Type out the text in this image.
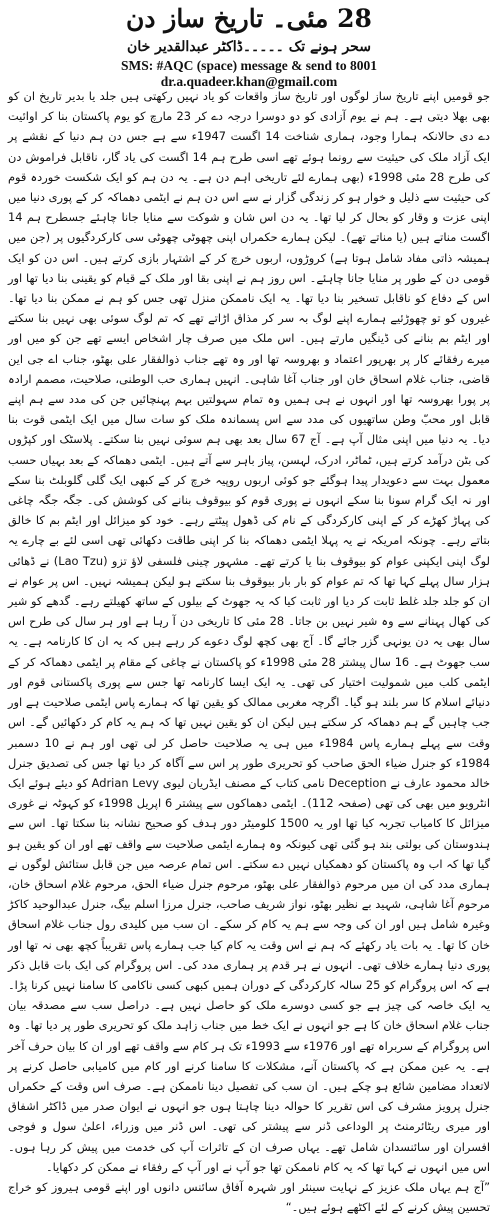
28 مئی۔ تاریخ ساز دن
سحر ہونے تک ۔۔۔۔۔ڈاکٹر عبدالقدیر خان
SMS: #AQC (space) message & send to 8001
dr.a.quadeer.khan@gmail.com

جو قومیں اپنے تاریخ ساز لوگوں اور تاریخ ساز واقعات کو یاد نہیں رکھتی ہیں جلد یا بدیر تاریخ ان کو بھی بھلا دیتی ہے۔ ہم نے یوم آزادی کو دو دوسرا درجہ دے کر 23 مارچ کو یوم پاکستان بنا کر اوائیت دے دی حالانکہ ہمارا وجود، ہماری شناخت 14 اگست 1947ء سے ہے جس دن ہم دنیا کے نقشے پر ایک آزاد ملک کی حیثیت سے رونما ہوئے تھے اسی طرح ہم 14 اگست کی یاد گار، ناقابل فراموش دن کی طرح 28 مئی 1998ء (بھی ہمارے لئے تاریخی اہم دن ہے۔ یہ دن ہم کو ایک شکست خوردہ قوم کی حیثیت سے ذلیل و خوار ہو کر زندگی گزار نے سے اس دن ہم نے ایٹمی دھماکہ کر کے پوری دنیا میں اپنی عزت و وقار کو بحال کر لیا تھا۔ یہ دن اس شان و شوکت سے منایا جانا چاہئے جسطرح ہم 14 اگست مناتے ہیں (یا مناتے تھے)۔ لیکن ہمارے حکمراں اپنی چھوٹی چھوٹی سی کارکردگیوں پر (جن میں ہمیشہ ذاتی مفاد شامل ہوتا ہے) کروڑوں، اربوں خرچ کر کے اشتہار بازی کرتے ہیں۔ اس دن کو ایک قومی دن کے طور پر منایا جانا چاہئے۔ اس روز ہم نے اپنی بقا اور ملک کے قیام کو یقینی بنا دیا تھا اور اس کے دفاع کو ناقابل تسخیر بنا دیا تھا۔ یہ ایک ناممکن منزل تھی جس کو ہم نے ممکن بنا دیا تھا۔ غیروں کو تو چھوڑئیے ہمارے اپنے لوگ بہ سر کر مذاق اڑاتے تھے کہ تم لوگ سوئی بھی نہیں بنا سکتے اور ایٹم بم بنانے کی ڈینگیں مارتے ہیں۔ اس ملک میں صرف چار اشخاص ایسے تھے جن کو میں اور میرے رفقائے کار پر بھرپور اعتماد و بھروسہ تھا اور وہ تھے جناب ذوالفقار علی بھٹو، جناب اے جی این قاضی، جناب غلام اسحاق خان اور جناب آغا شاہی۔ انہیں ہماری حب الوطنی، صلاحیت، مصمم ارادہ پر پورا بھروسہ تھا اور انہوں نے ہی ہمیں وہ تمام سہولتیں بہم پہنچائیں جن کی مدد سے ہم اپنے قابل اور محبّ وطن ساتھیوں کی مدد سے اس پسماندہ ملک کو سات سال میں ایک ایٹمی قوت بنا دیا۔ یہ دنیا میں اپنی مثال آپ ہے۔ آج 67 سال بعد بھی ہم سوئی نہیں بنا سکتے۔ پلاسٹک اور کپڑوں کی بٹن درآمد کرتے ہیں، ٹماٹر، ادرک، لہسن، پیاز باہر سے آتے ہیں۔ ایٹمی دھماکہ کے بعد بہیاں حسب معمول بہت سے دعویدار پیدا ہوگئے جو کوئی اربوں روپیہ خرچ کر کے کبھی ایک گلی گلوبلٹ بنا سکے اور نہ ایک گرام سونا بنا سکے انہوں نے پوری قوم کو بیوقوف بنانے کی کوشش کی۔ جگہ جگہ چاغی کی پہاڑ کھڑے کر کے اپنی کارکردگی کے نام کی ڈھول پیٹتے رہے۔ خود کو میزائل اور ایٹم بم کا خالق بتاتے رہے۔ چونکہ امریکہ نے یہ پہلا ایٹمی دھماکہ بنا کر اپنی طاقت دکھائی تھی اسی لئے بے چارے یہ لوگ اپنی ایکپنی عوام کو بیوقوف بنا یا کرتے تھے۔ مشہور چینی فلسفی لاؤ تزو (Lao Tzu) نے ڈھائی ہزار سال پہلے کہا تھا کہ تم عوام کو بار بار بیوقوف بنا سکتے ہو لیکن ہمیشہ نہیں۔ اس پر عوام نے ان کو جلد جلد غلط ثابت کر دیا اور ثابت کیا کہ یہ جھوٹ کے بیلوں کے ساتھ کھیلتے رہے۔ گدھے کو شیر کی کھال پہنانے سے وہ شیر نہیں بن جاتا۔ 28 مئی کا تاریخی دن آ رہا ہے اور ہر سال کی طرح اس سال بھی یہ دن یونہی گزر جائے گا۔ آج بھی کچھ لوگ دعوے کر رہے ہیں کہ یہ ان کا کارنامہ ہے۔ یہ سب جھوٹ ہے۔ 16 سال پیشتر 28 مئی 1998ء کو پاکستان نے چاغی کے مقام پر ایٹمی دھماکہ کر کے ایٹمی کلب میں شمولیت اختیار کی تھی۔ یہ ایک ایسا کارنامہ تھا جس سے پوری پاکستانی قوم اور دنیائے اسلام کا سر بلند ہو گیا۔ اگرچہ مغربی ممالک کو یقین تھا کہ ہمارے پاس ایٹمی صلاحیت ہے اور جب چاہیں گے ہم دھماکہ کر سکتے ہیں لیکن ان کو یقین نہیں تھا کہ ہم یہ کام کر دکھائیں گے۔ اس وقت سے پہلے ہمارے پاس 1984ء میں ہی یہ صلاحیت حاصل کر لی تھی اور ہم نے 10 دسمبر 1984ء کو جنرل ضیاء الحق صاحب کو تحریری طور پر اس سے آگاہ کر دیا تھا جس کی تصدیق جنرل خالد محمود عارف نے Deception نامی کتاب کے مصنف ایڈریان لیوی Adrian Levy کو دیئے ہوئے ایک انٹرویو میں بھی کی تھی (صفحہ 112)۔ ایٹمی دھماکوں سے پیشتر 6 اپریل 1998ء کو کہوٹہ نے غوری میزائل کا کامیاب تجربہ کیا تھا اور یہ 1500 کلومیٹر دور ہدف کو صحیح نشانہ بنا سکتا تھا۔ اس سے ہندوستان کی بولتی بند ہو گئی تھی کیونکہ وہ ہمارے ایٹمی صلاحیت سے واقف تھے اور ان کو یقین ہو گیا تھا کہ اب وہ پاکستان کو دھمکیاں نہیں دے سکتے۔ اس تمام عرصہ میں جن قابل ستائش لوگوں نے ہماری مدد کی ان میں مرحوم ذوالفقار علی بھٹو، مرحوم جنرل ضیاء الحق، مرحوم غلام اسحاق خان، مرحوم آغا شاہی، شہید بے نظیر بھٹو، نواز شریف صاحب، جنرل مرزا اسلم بیگ، جنرل عبدالوحید کاکڑ وغیرہ شامل ہیں اور ان کی وجہ سے ہم یہ کام کر سکے۔ ان سب میں کلیدی رول جناب غلام اسحاق خان کا تھا۔ یہ بات یاد رکھئے کہ ہم نے اس وقت یہ کام کیا جب ہمارے پاس تقریباً کچھ بھی نہ تھا اور پوری دنیا ہمارے خلاف تھی۔ انہوں نے ہر قدم پر ہماری مدد کی۔ اس پروگرام کی ایک بات قابل ذکر ہے کہ اس پروگرام کو 25 سالہ کارکردگی کے دوران ہمیں کبھی کسی ناکامی کا سامنا نہیں کرنا پڑا۔ یہ ایک خاصہ کی چیز ہے جو کسی دوسرے ملک کو حاصل نہیں ہے۔ دراصل سب سے مصدقہ بیان جناب غلام اسحاق خان کا ہے جو انہوں نے ایک خط میں جناب زاہد ملک کو تحریری طور پر دیا تھا۔ وہ اس پروگرام کے سربراہ تھے اور 1976ء سے 1993ء تک ہر کام سے واقف تھے اور ان کا بیان حرف آخر ہے۔ یہ عین ممکن ہے کہ پاکستان آنے، مشکلات کا سامنا کرنے اور کام میں کامیابی حاصل کرنے پر لاتعداد مضامین شائع ہو چکے ہیں۔ ان سب کی تفصیل دینا ناممکن ہے۔ صرف اس وقت کے حکمراں جنرل پرویز مشرف کی اس تقریر کا حوالہ دینا چاہتا ہوں جو انہوں نے ایوان صدر میں ڈاکٹر اشفاق اور میری ریٹائرمنٹ پر الوداعی ڈنر سے پیشتر کی تھی۔ اس ڈنر میں وزراء، اعلیٰ سول و فوجی افسران اور سائنسدان شامل تھے۔ یہاں صرف ان کے تاثرات آپ کی خدمت میں پیش کر رہا ہوں۔ اس میں انہوں نے کہا تھا کہ یہ کام ناممکن تھا جو آپ نے اور آپ کے رفقاء نے ممکن کر دکھایا۔

”آج ہم یہاں ملک عزیز کے نہایت سینئر اور شہرہ آفاق سائنس دانوں اور اپنے قومی ہیروز کو خراج تحسین پیش کرنے کے لئے اکٹھے ہوئے ہیں۔“
